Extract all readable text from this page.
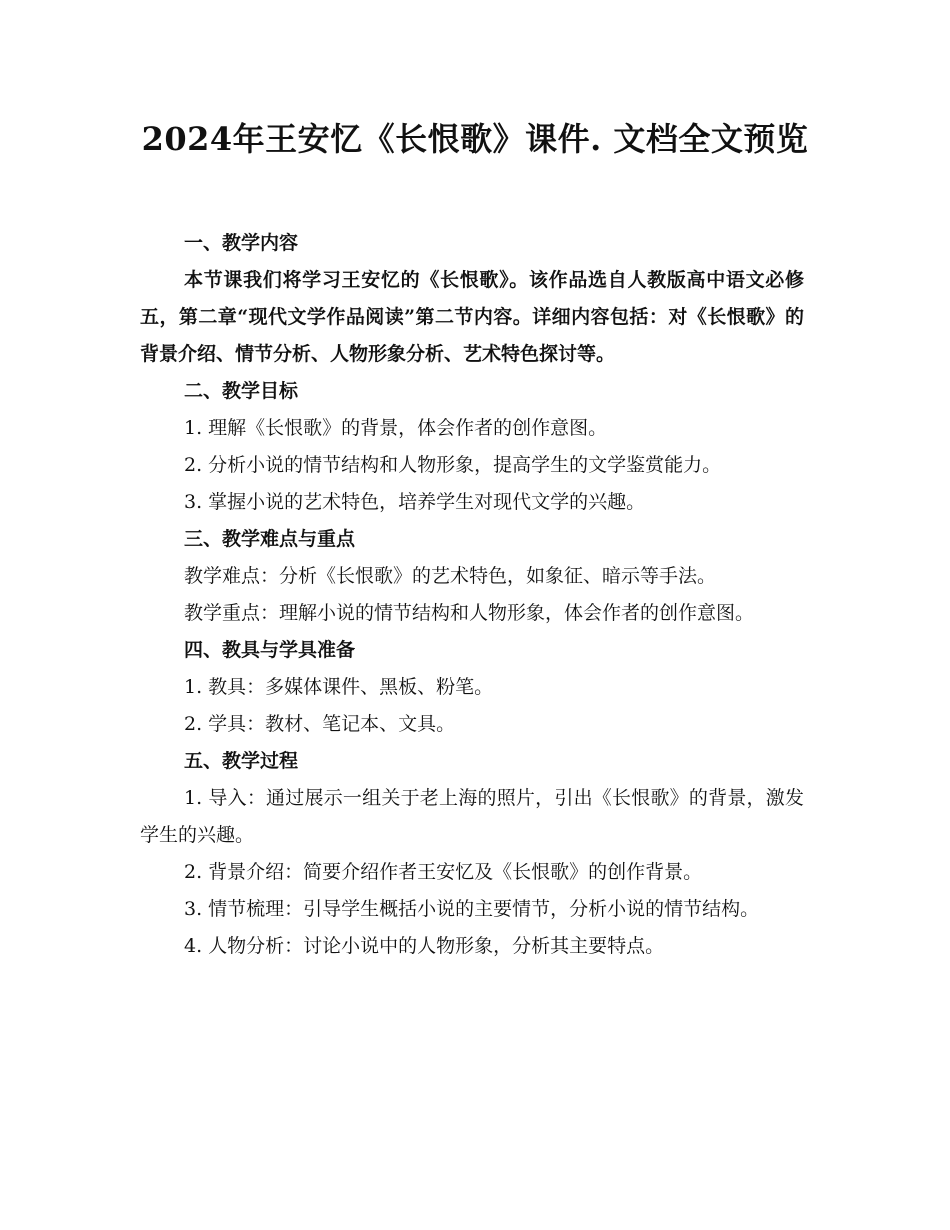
2024年王安忆《长恨歌》课件. 文档全文预览

一、教学内容

本节课我们将学习王安忆的《长恨歌》。该作品选自人教版高中语文必修五，第二章“现代文学作品阅读”第二节内容。详细内容包括：对《长恨歌》的背景介绍、情节分析、人物形象分析、艺术特色探讨等。

二、教学目标

1. 理解《长恨歌》的背景，体会作者的创作意图。

2. 分析小说的情节结构和人物形象，提高学生的文学鉴赏能力。

3. 掌握小说的艺术特色，培养学生对现代文学的兴趣。

三、教学难点与重点

教学难点：分析《长恨歌》的艺术特色，如象征、暗示等手法。

教学重点：理解小说的情节结构和人物形象，体会作者的创作意图。

四、教具与学具准备

1. 教具：多媒体课件、黑板、粉笔。

2. 学具：教材、笔记本、文具。

五、教学过程

1. 导入：通过展示一组关于老上海的照片，引出《长恨歌》的背景，激发学生的兴趣。

2. 背景介绍：简要介绍作者王安忆及《长恨歌》的创作背景。

3. 情节梳理：引导学生概括小说的主要情节，分析小说的情节结构。

4. 人物分析：讨论小说中的人物形象，分析其主要特点。
